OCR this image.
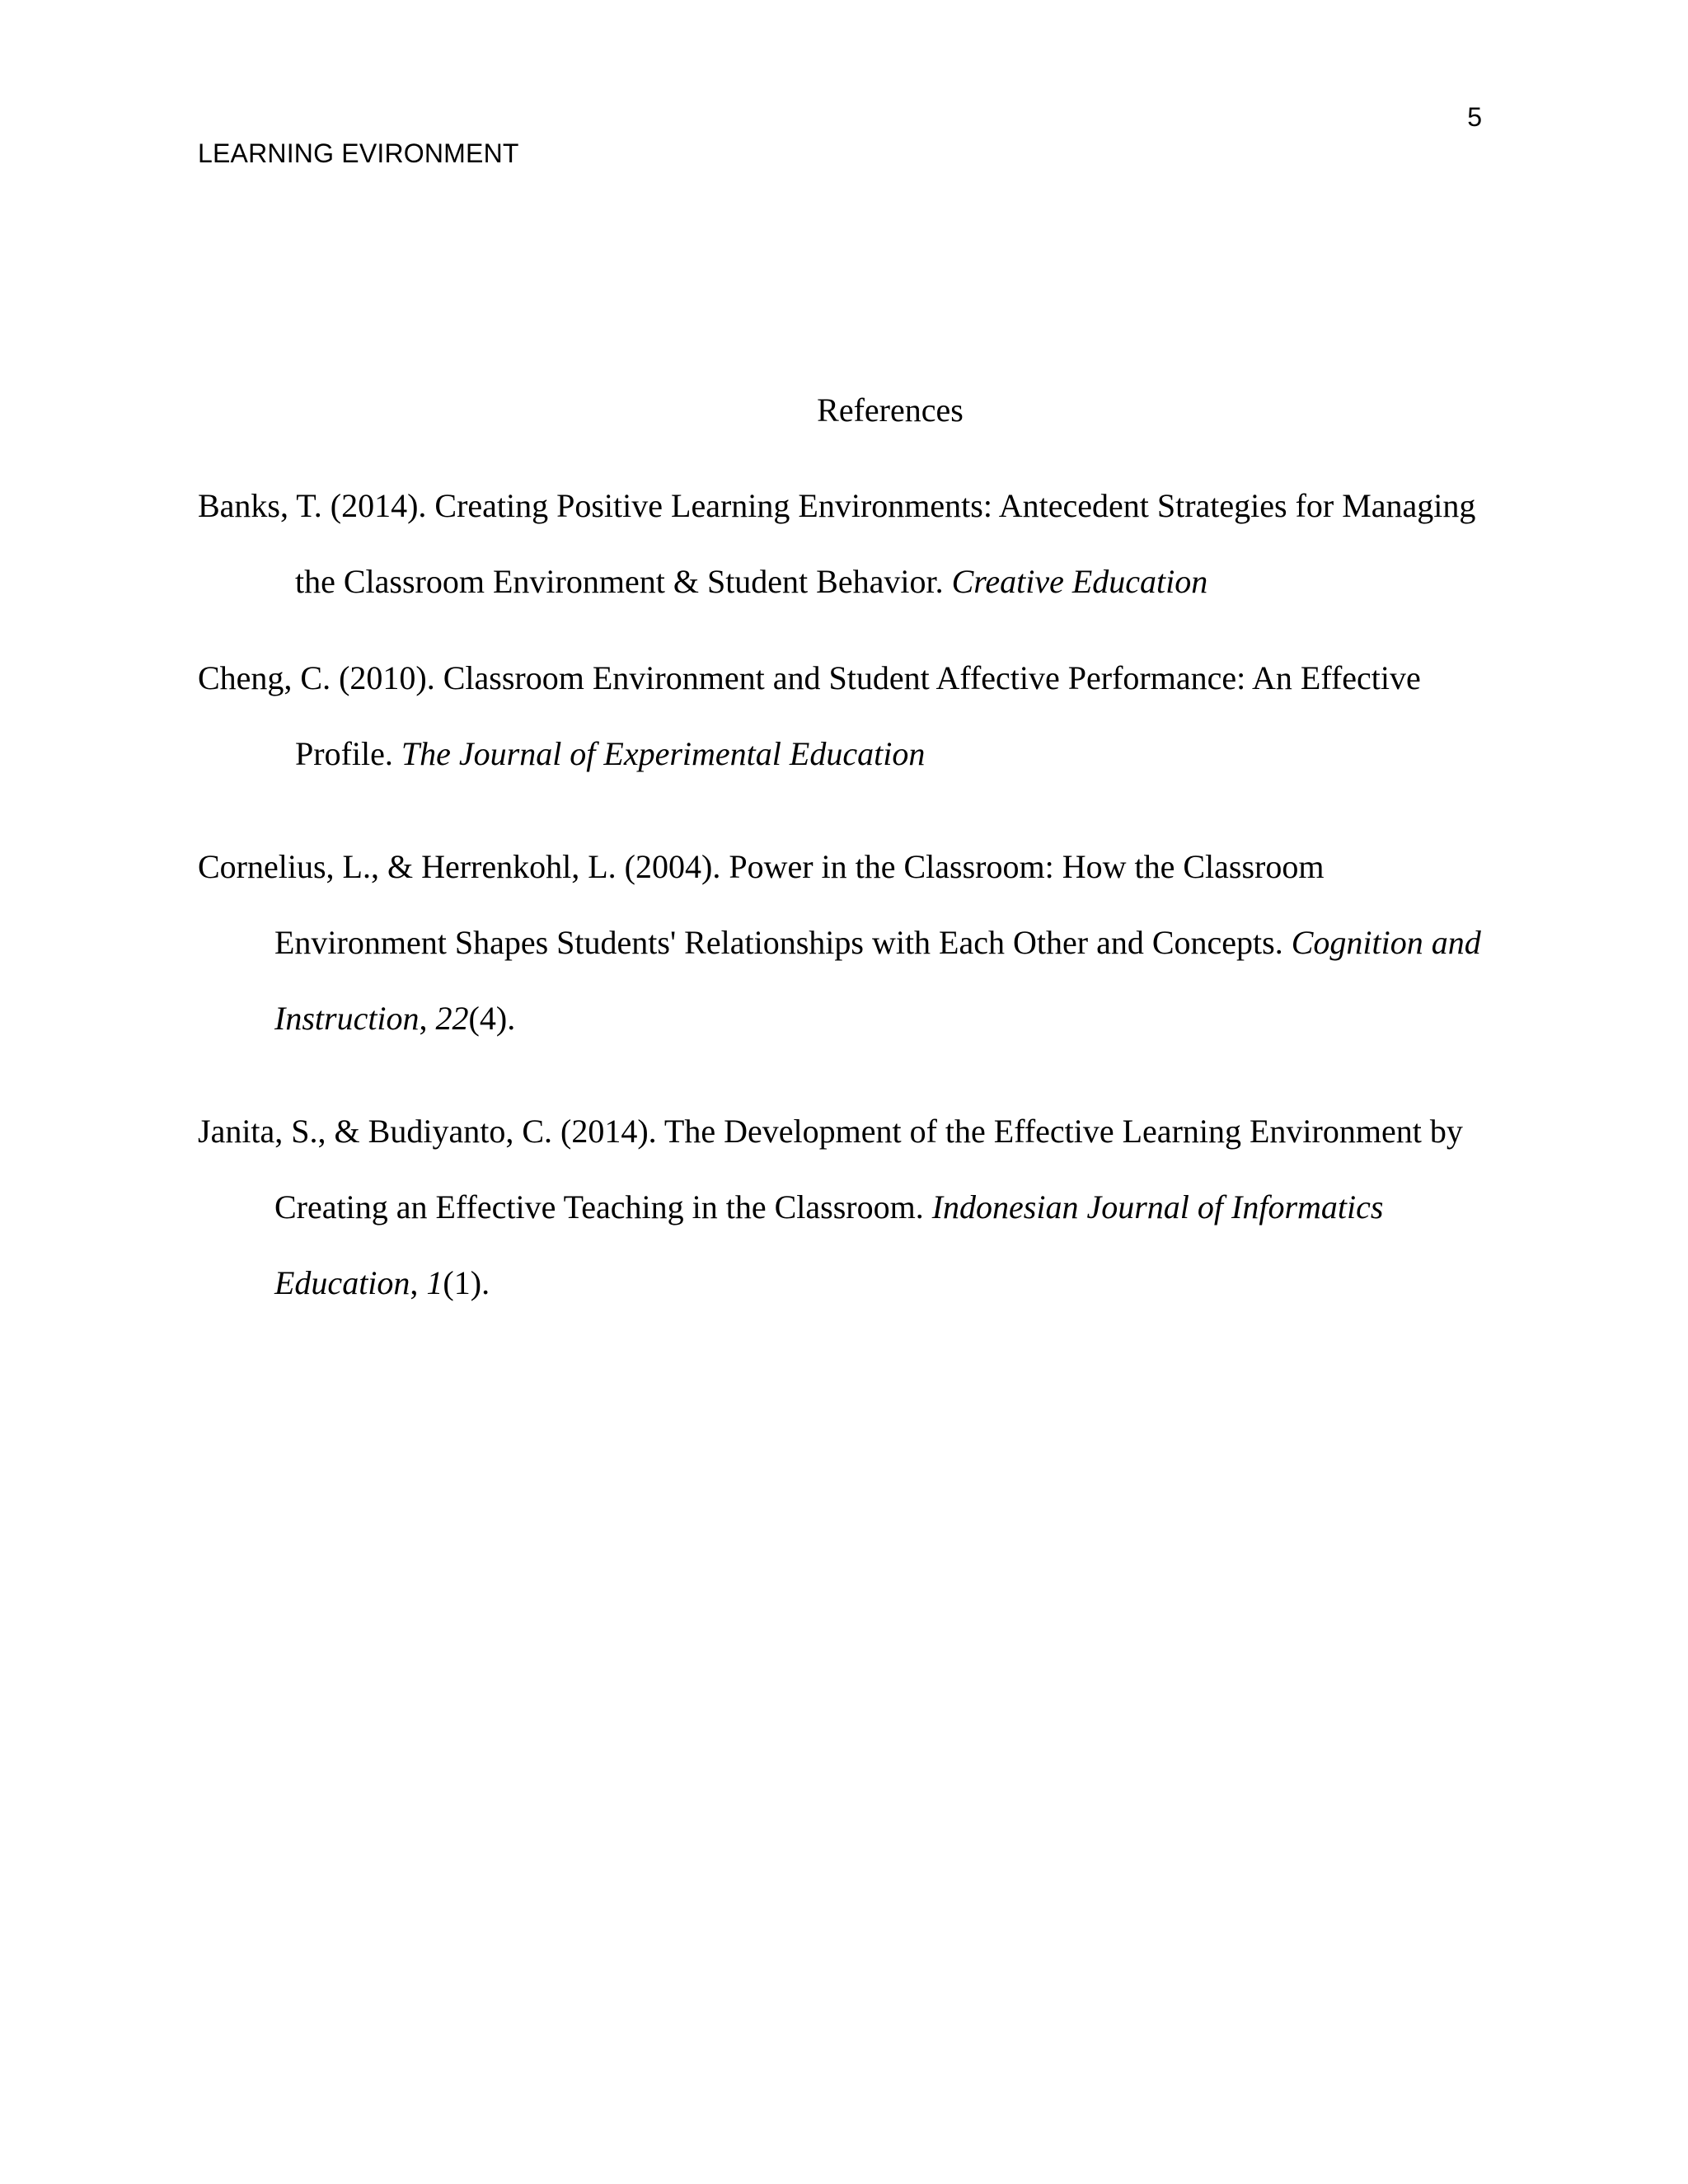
5
LEARNING EVIRONMENT
References
Banks, T. (2014). Creating Positive Learning Environments: Antecedent Strategies for Managing
the Classroom Environment & Student Behavior. Creative Education
Cheng, C. (2010). Classroom Environment and Student Affective Performance: An Effective
Profile. The Journal of Experimental Education
Cornelius, L., & Herrenkohl, L. (2004). Power in the Classroom: How the Classroom
Environment Shapes Students' Relationships with Each Other and Concepts. Cognition and
Instruction, 22(4).
Janita, S., & Budiyanto, C. (2014). The Development of the Effective Learning Environment by
Creating an Effective Teaching in the Classroom. Indonesian Journal of Informatics
Education, 1(1).
